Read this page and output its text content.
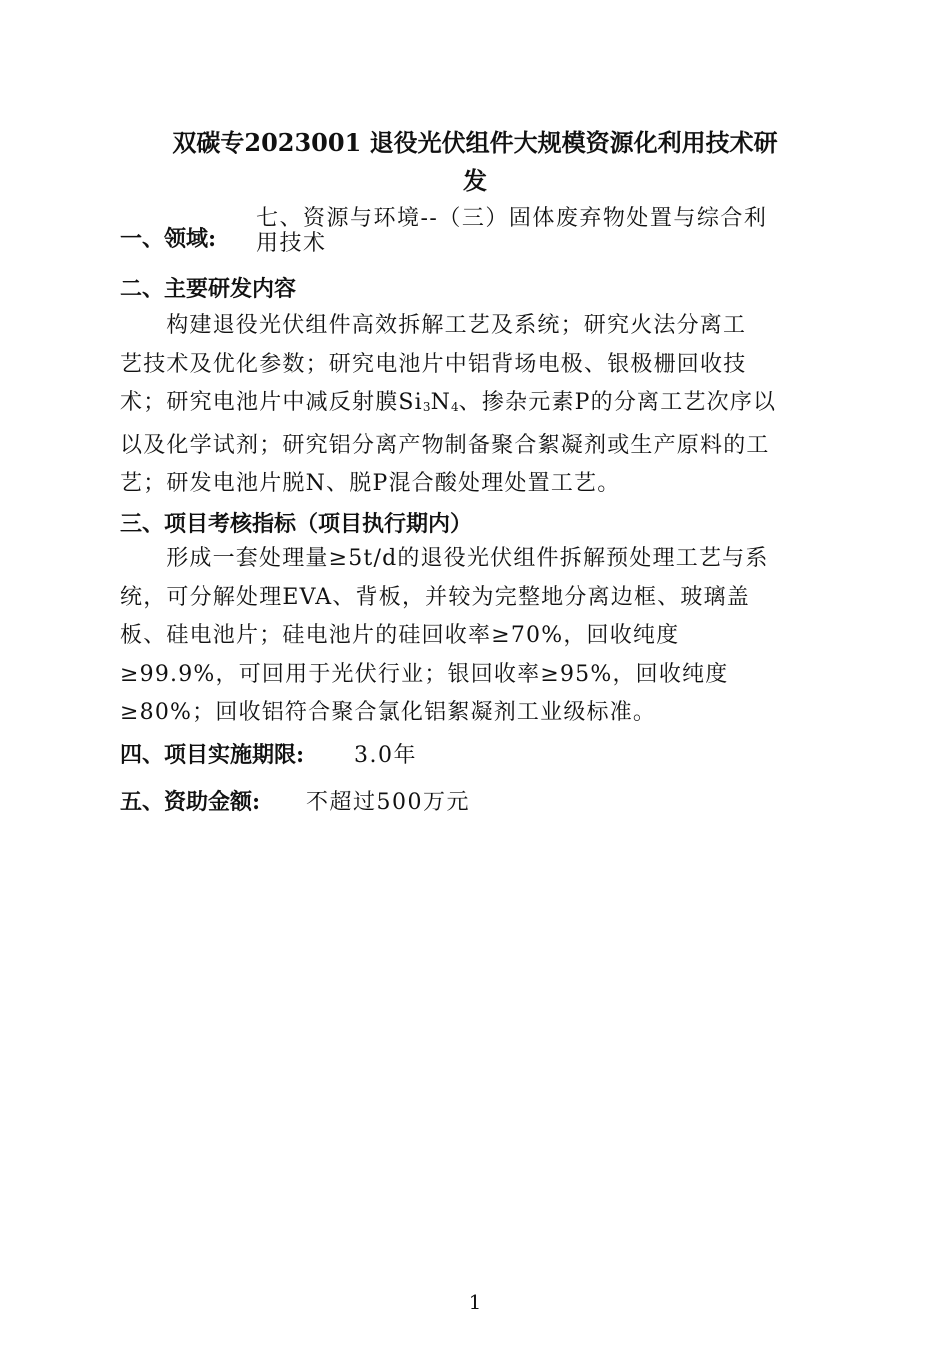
双碳专2023001 退役光伏组件大规模资源化利用技术研
发
一、领域:
七、资源与环境--（三）固体废弃物处置与综合利
用技术
二、主要研发内容
构建退役光伏组件高效拆解工艺及系统；研究火法分离工
艺技术及优化参数；研究电池片中铝背场电极、银极栅回收技
术；研究电池片中减反射膜Si3N4、掺杂元素P的分离工艺次序以
以及化学试剂；研究铝分离产物制备聚合絮凝剂或生产原料的工
艺；研发电池片脱N、脱P混合酸处理处置工艺。
三、项目考核指标（项目执行期内）
形成一套处理量≥5t/d的退役光伏组件拆解预处理工艺与系
统，可分解处理EVA、背板，并较为完整地分离边框、玻璃盖
板、硅电池片；硅电池片的硅回收率≥70%，回收纯度
≥99.9%，可回用于光伏行业；银回收率≥95%，回收纯度
≥80%；回收铝符合聚合氯化铝絮凝剂工业级标准。
四、项目实施期限: 3.0年
五、资助金额: 不超过500万元
1
